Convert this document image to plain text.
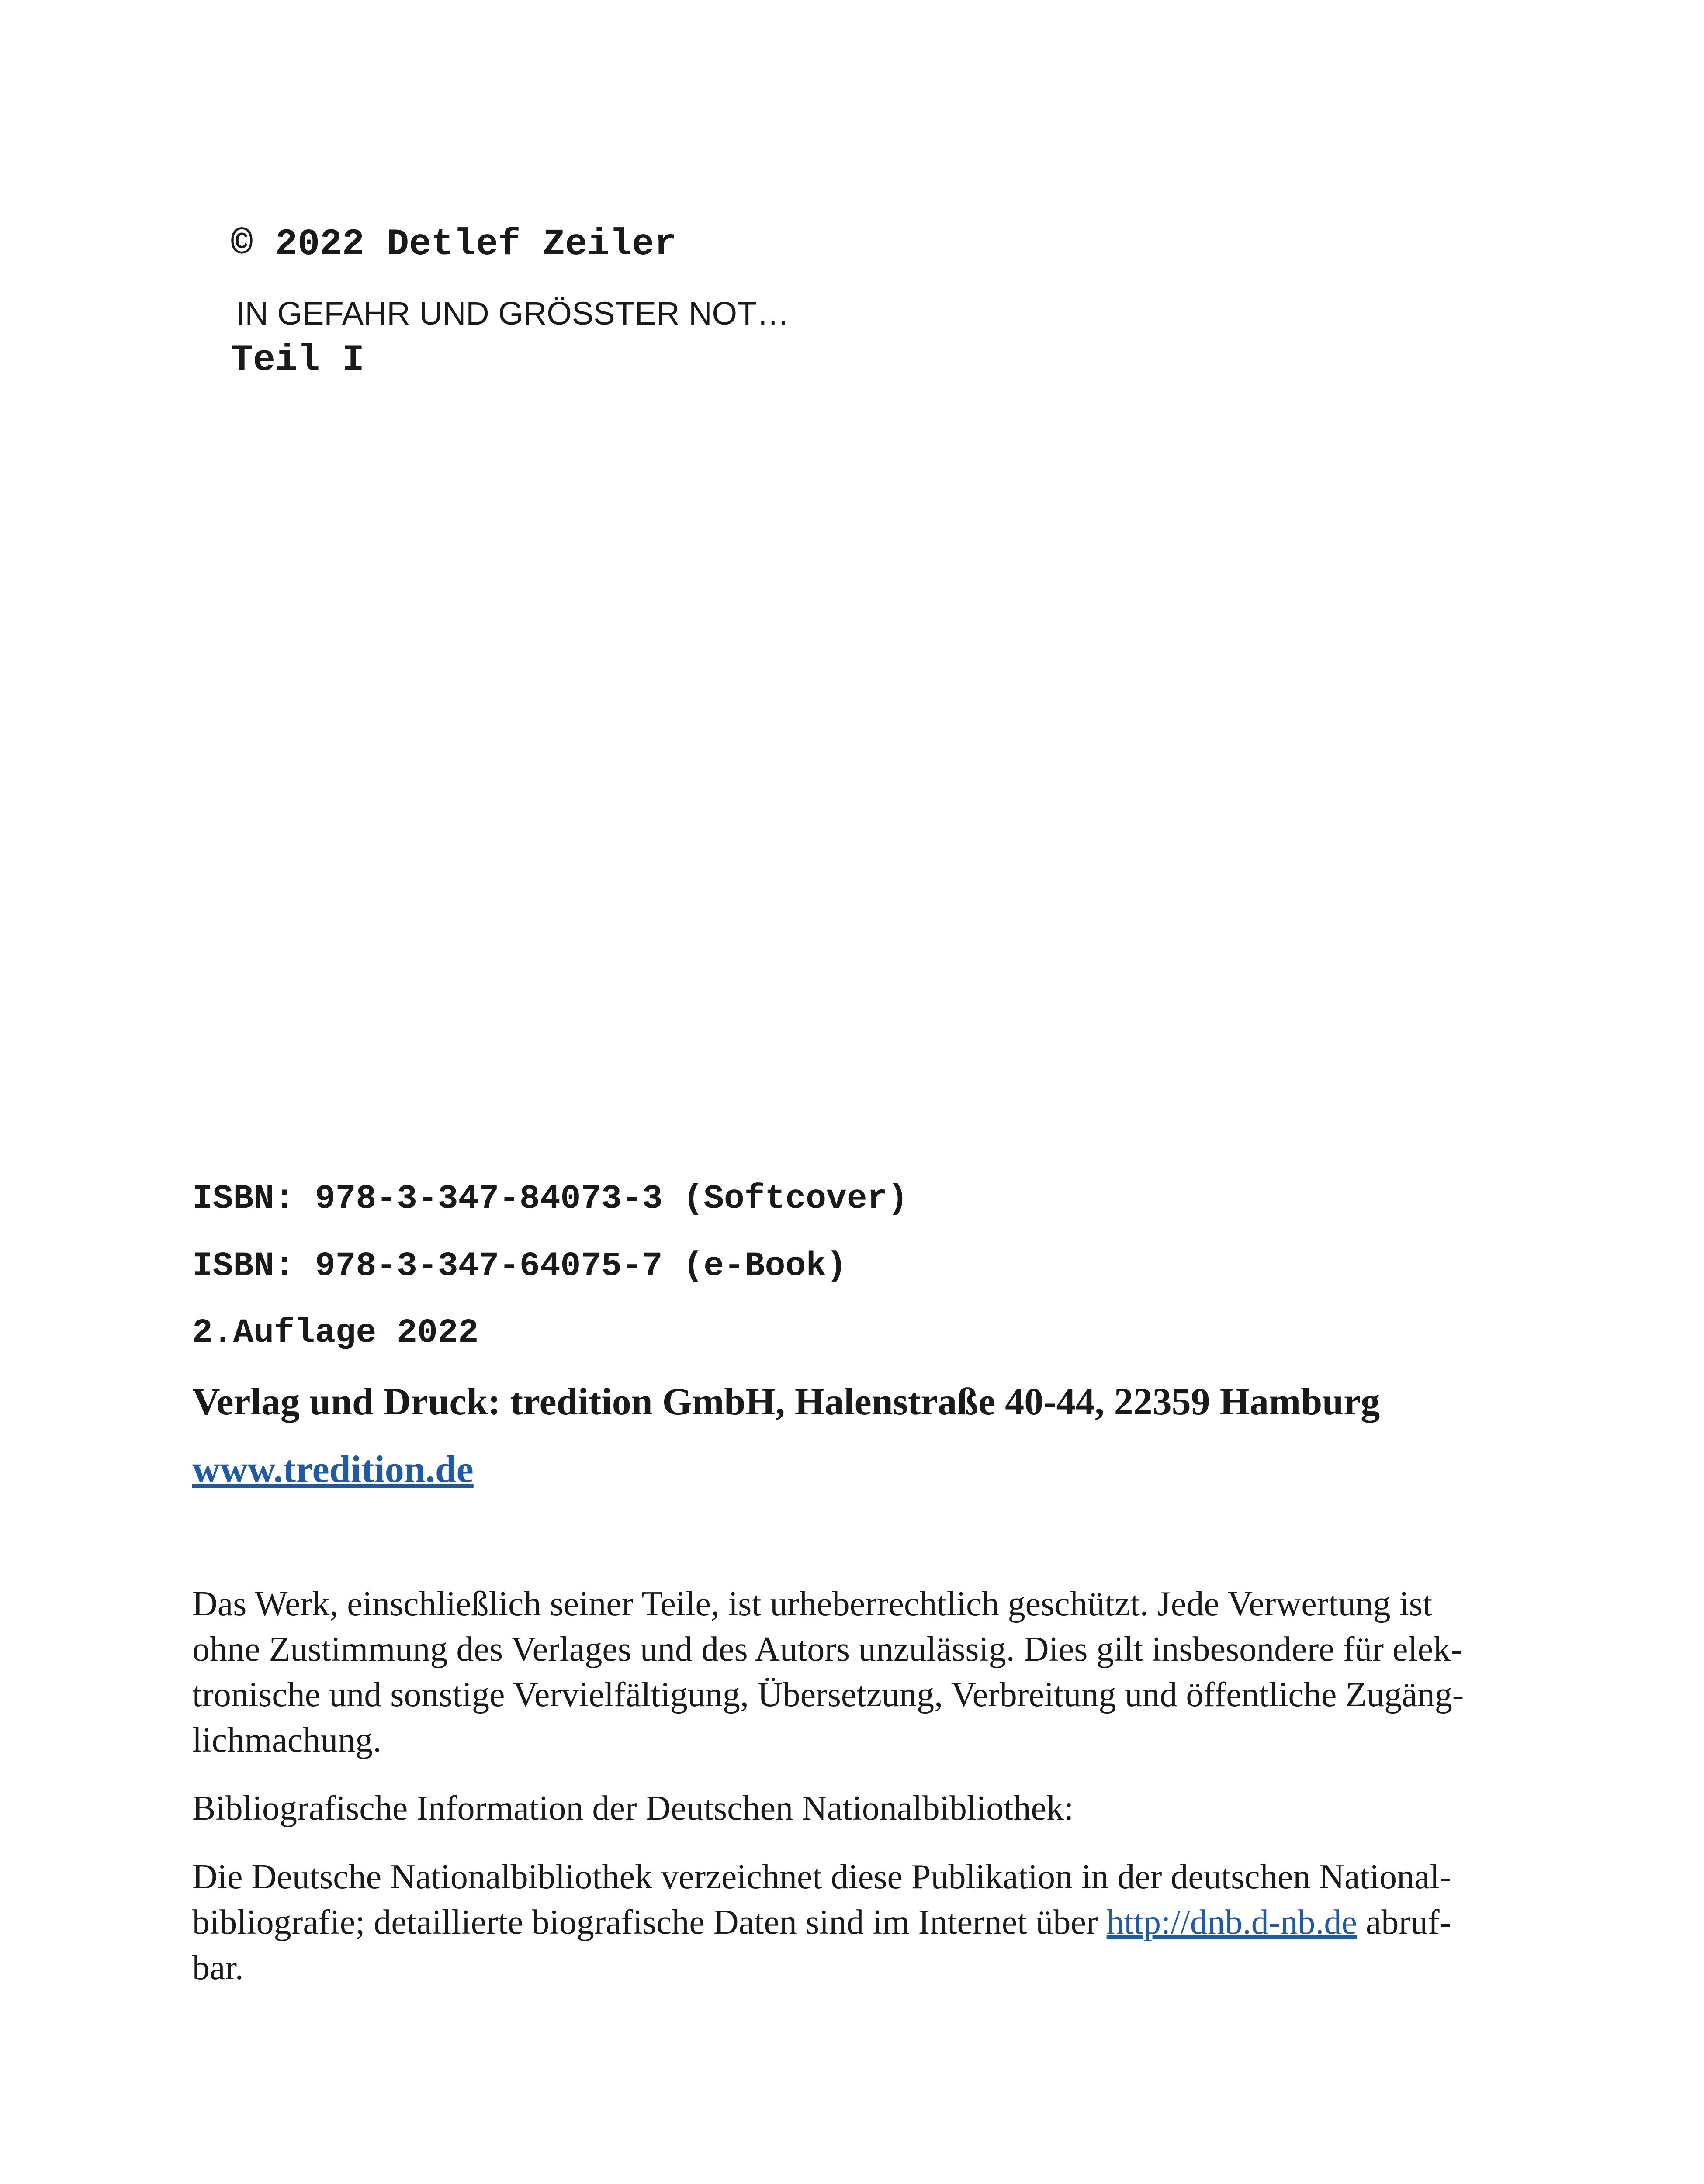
© 2022 Detlef Zeiler
IN GEFAHR UND GRÖSSTER NOT…
Teil I
ISBN: 978-3-347-84073-3 (Softcover)
ISBN: 978-3-347-64075-7 (e-Book)
2.Auflage 2022
Verlag und Druck: tredition GmbH, Halenstraße 40-44, 22359 Hamburg
www.tredition.de
Das Werk, einschließlich seiner Teile, ist urheberrechtlich geschützt. Jede Verwertung ist
ohne Zustimmung des Verlages und des Autors unzulässig. Dies gilt insbesondere für elek-
tronische und sonstige Vervielfältigung, Übersetzung, Verbreitung und öffentliche Zugäng-
lichmachung.
Bibliografische Information der Deutschen Nationalbibliothek:
Die Deutsche Nationalbibliothek verzeichnet diese Publikation in der deutschen National-
bibliografie; detaillierte biografische Daten sind im Internet über http://dnb.d-nb.de abruf-
bar.
